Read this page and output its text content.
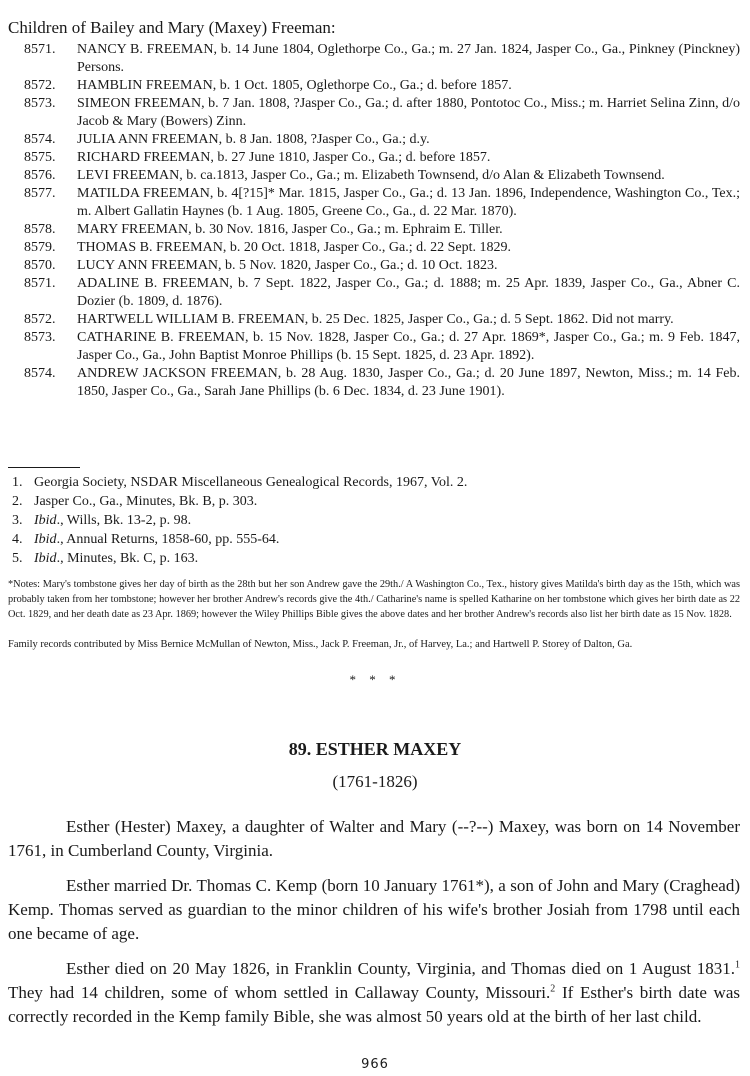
Children of Bailey and Mary (Maxey) Freeman:
8571.	NANCY B. FREEMAN, b. 14 June 1804, Oglethorpe Co., Ga.; m. 27 Jan. 1824, Jasper Co., Ga., Pinkney (Pinckney) Persons.
8572.	HAMBLIN FREEMAN, b. 1 Oct. 1805, Oglethorpe Co., Ga.; d. before 1857.
8573.	SIMEON FREEMAN, b. 7 Jan. 1808, ?Jasper Co., Ga.; d. after 1880, Pontotoc Co., Miss.; m. Harriet Selina Zinn, d/o Jacob & Mary (Bowers) Zinn.
8574.	JULIA ANN FREEMAN, b. 8 Jan. 1808, ?Jasper Co., Ga.; d.y.
8575.	RICHARD FREEMAN, b. 27 June 1810, Jasper Co., Ga.; d. before 1857.
8576.	LEVI FREEMAN, b. ca.1813, Jasper Co., Ga.; m. Elizabeth Townsend, d/o Alan & Elizabeth Townsend.
8577.	MATILDA FREEMAN, b. 4[?15]* Mar. 1815, Jasper Co., Ga.; d. 13 Jan. 1896, Independence, Washington Co., Tex.; m. Albert Gallatin Haynes (b. 1 Aug. 1805, Greene Co., Ga., d. 22 Mar. 1870).
8578.	MARY FREEMAN, b. 30 Nov. 1816, Jasper Co., Ga.; m. Ephraim E. Tiller.
8579.	THOMAS B. FREEMAN, b. 20 Oct. 1818, Jasper Co., Ga.; d. 22 Sept. 1829.
8570.	LUCY ANN FREEMAN, b. 5 Nov. 1820, Jasper Co., Ga.; d. 10 Oct. 1823.
8571.	ADALINE B. FREEMAN, b. 7 Sept. 1822, Jasper Co., Ga.; d. 1888; m. 25 Apr. 1839, Jasper Co., Ga., Abner C. Dozier (b. 1809, d. 1876).
8572.	HARTWELL WILLIAM B. FREEMAN, b. 25 Dec. 1825, Jasper Co., Ga.; d. 5 Sept. 1862. Did not marry.
8573.	CATHARINE B. FREEMAN, b. 15 Nov. 1828, Jasper Co., Ga.; d. 27 Apr. 1869*, Jasper Co., Ga.; m. 9 Feb. 1847, Jasper Co., Ga., John Baptist Monroe Phillips (b. 15 Sept. 1825, d. 23 Apr. 1892).
8574.	ANDREW JACKSON FREEMAN, b. 28 Aug. 1830, Jasper Co., Ga.; d. 20 June 1897, Newton, Miss.; m. 14 Feb. 1850, Jasper Co., Ga., Sarah Jane Phillips (b. 6 Dec. 1834, d. 23 June 1901).
1. Georgia Society, NSDAR Miscellaneous Genealogical Records, 1967, Vol. 2.
2. Jasper Co., Ga., Minutes, Bk. B, p. 303.
3. Ibid., Wills, Bk. 13-2, p. 98.
4. Ibid., Annual Returns, 1858-60, pp. 555-64.
5. Ibid., Minutes, Bk. C, p. 163.

*Notes: Mary's tombstone gives her day of birth as the 28th but her son Andrew gave the 29th./ A Washington Co., Tex., history gives Matilda's birth day as the 15th, which was probably taken from her tombstone; however her brother Andrew's records give the 4th./ Catharine's name is spelled Katharine on her tombstone which gives her birth date as 22 Oct. 1829, and her death date as 23 Apr. 1869; however the Wiley Phillips Bible gives the above dates and her brother Andrew's records also list her birth date as 15 Nov. 1828.

Family records contributed by Miss Bernice McMullan of Newton, Miss., Jack P. Freeman, Jr., of Harvey, La.; and Hartwell P. Storey of Dalton, Ga.

* * *
89. ESTHER MAXEY
(1761-1826)

Esther (Hester) Maxey, a daughter of Walter and Mary (--?--) Maxey, was born on 14 November 1761, in Cumberland County, Virginia.

Esther married Dr. Thomas C. Kemp (born 10 January 1761*), a son of John and Mary (Craghead) Kemp. Thomas served as guardian to the minor children of his wife's brother Josiah from 1798 until each one became of age.

Esther died on 20 May 1826, in Franklin County, Virginia, and Thomas died on 1 August 1831.$^1$ They had 14 children, some of whom settled in Callaway County, Missouri.$^2$ If Esther's birth date was correctly recorded in the Kemp family Bible, she was almost 50 years old at the birth of her last child.

966
